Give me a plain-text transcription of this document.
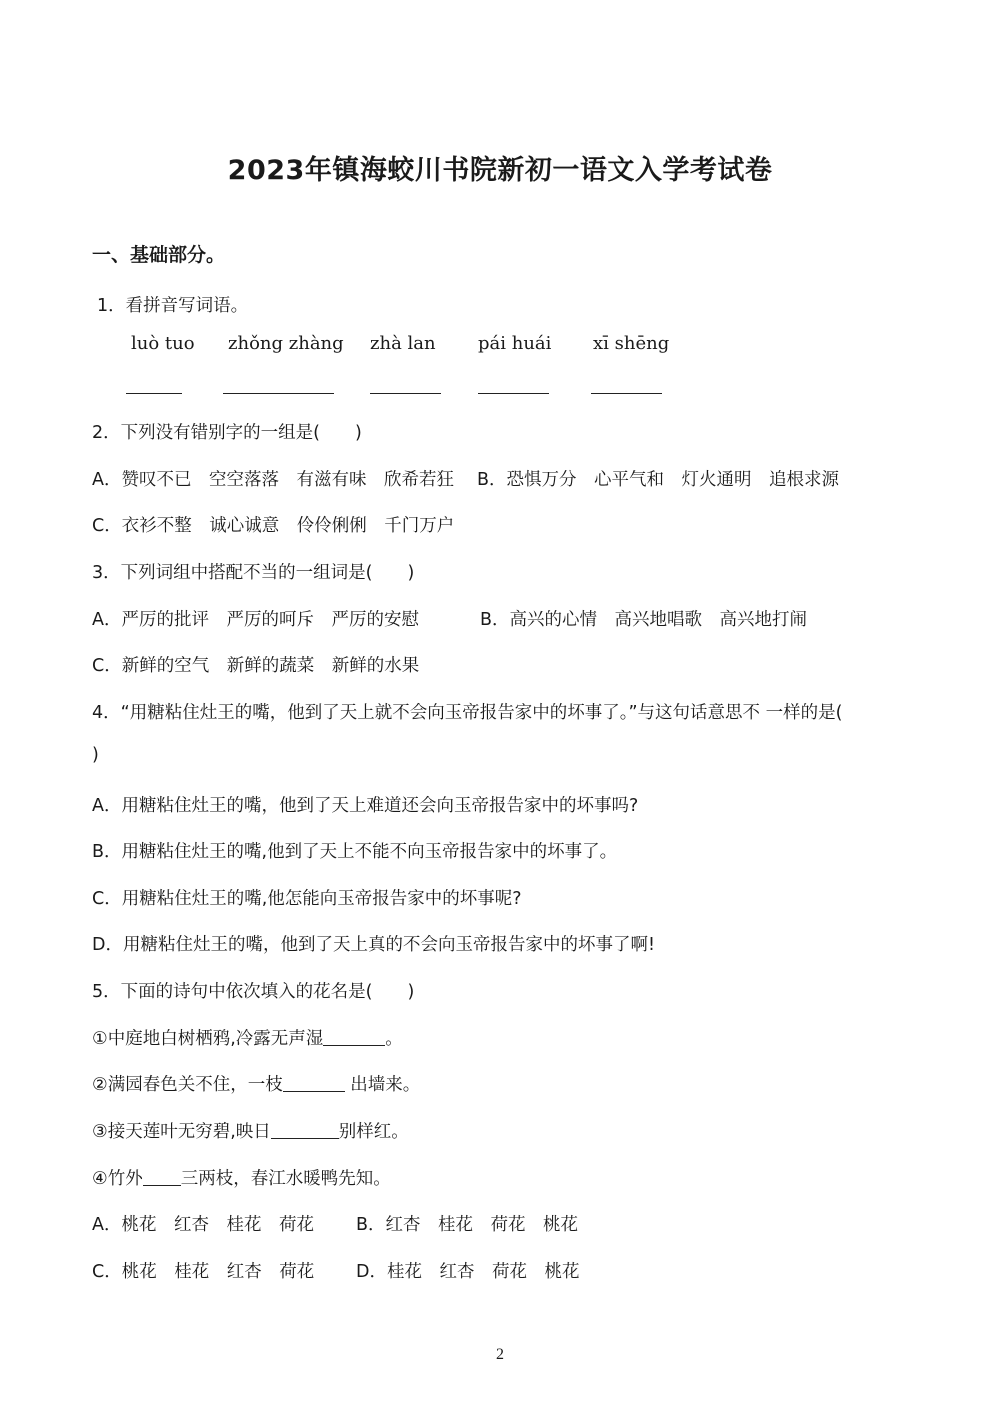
2023年镇海蛟川书院新初一语文入学考试卷
一、基础部分。
1．看拼音写词语。
luò tuo zhǒng zhàng zhà lan pái huái xī shēng
2．下列没有错别字的一组是(　　)
A．赞叹不已　空空落落　有滋有味　欣希若狂 B．恐惧万分　心平气和　灯火通明　追根求源
C．衣衫不整　诚心诚意　伶伶俐俐　千门万户
3．下列词组中搭配不当的一组词是(　　)
A．严厉的批评　严厉的呵斥　严厉的安慰	B．高兴的心情　高兴地唱歌　高兴地打闹
C．新鲜的空气　新鲜的蔬菜　新鲜的水果
4．“用糖粘住灶王的嘴，他到了天上就不会向玉帝报告家中的坏事了。”与这句话意思不 一样的是(
)
A．用糖粘住灶王的嘴，他到了天上难道还会向玉帝报告家中的坏事吗?
B．用糖粘住灶王的嘴,他到了天上不能不向玉帝报告家中的坏事了。
C．用糖粘住灶王的嘴,他怎能向玉帝报告家中的坏事呢?
D．用糖粘住灶王的嘴，他到了天上真的不会向玉帝报告家中的坏事了啊!
5．下面的诗句中依次填入的花名是(　　)
①中庭地白树栖鸦,冷露无声湿	。
②满园春色关不住，一枝	出墙来。
③接天莲叶无穷碧,映日	别样红。
④竹外 三两枝，春江水暖鸭先知。
A．桃花　红杏　桂花　荷花 B．红杏　桂花　荷花　桃花
C．桃花　桂花　红杏　荷花 D．桂花　红杏　荷花　桃花
2
